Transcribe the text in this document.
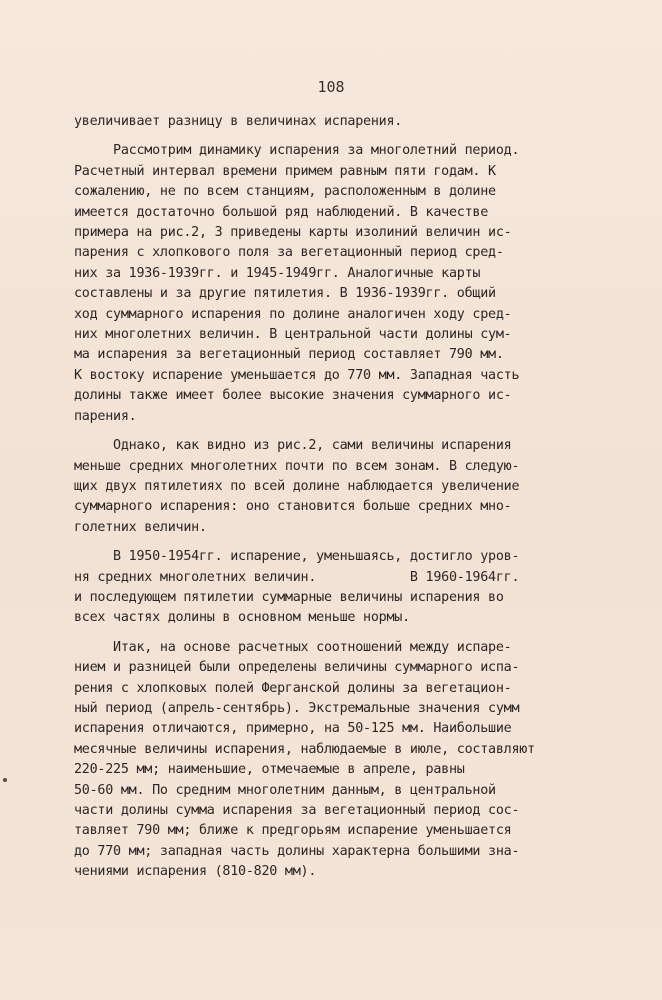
108

увеличивает разницу в величинах испарения.

Рассмотрим динамику испарения за многолетний период.

Расчетный интервал времени примем равным пяти годам. К

сожалению, не по всем станциям, расположенным в долине

имеется достаточно большой ряд наблюдений. В качестве

примера на рис.2, 3 приведены карты изолиний величин ис-

парения с хлопкового поля за вегетационный период сред-

них за 1936-1939гг. и 1945-1949гг. Аналогичные карты

составлены и за другие пятилетия. В 1936-1939гг. общий

ход суммарного испарения по долине аналогичен ходу сред-

них многолетних величин. В центральной части долины сум-

ма испарения за вегетационный период составляет 790 мм.

К востоку испарение уменьшается до 770 мм. Западная часть

долины также имеет более высокие значения суммарного ис-

парения.

Однако, как видно из рис.2, сами величины испарения

меньше средних многолетних почти по всем зонам. В следую-

щих двух пятилетиях по всей долине наблюдается увеличение

суммарного испарения: оно становится больше средних мно-

голетних величин.

В 1950-1954гг. испарение, уменьшаясь, достигло уров-

ня средних многолетних величин.            В 1960-1964гг.

и последующем пятилетии суммарные величины испарения во

всех частях долины в основном меньше нормы.

Итак, на основе расчетных соотношений между испаре-

нием и разницей были определены величины суммарного испа-

рения с хлопковых полей Ферганской долины за вегетацион-

ный период (апрель-сентябрь). Экстремальные значения сумм

испарения отличаются, примерно, на 50-125 мм. Наибольшие

месячные величины испарения, наблюдаемые в июле, составляют

220-225 мм; наименьшие, отмечаемые в апреле, равны

50-60 мм. По средним многолетним данным, в центральной

части долины сумма испарения за вегетационный период сос-

тавляет 790 мм; ближе к предгорьям испарение уменьшается

до 770 мм; западная часть долины характерна большими зна-

чениями испарения (810-820 мм).
